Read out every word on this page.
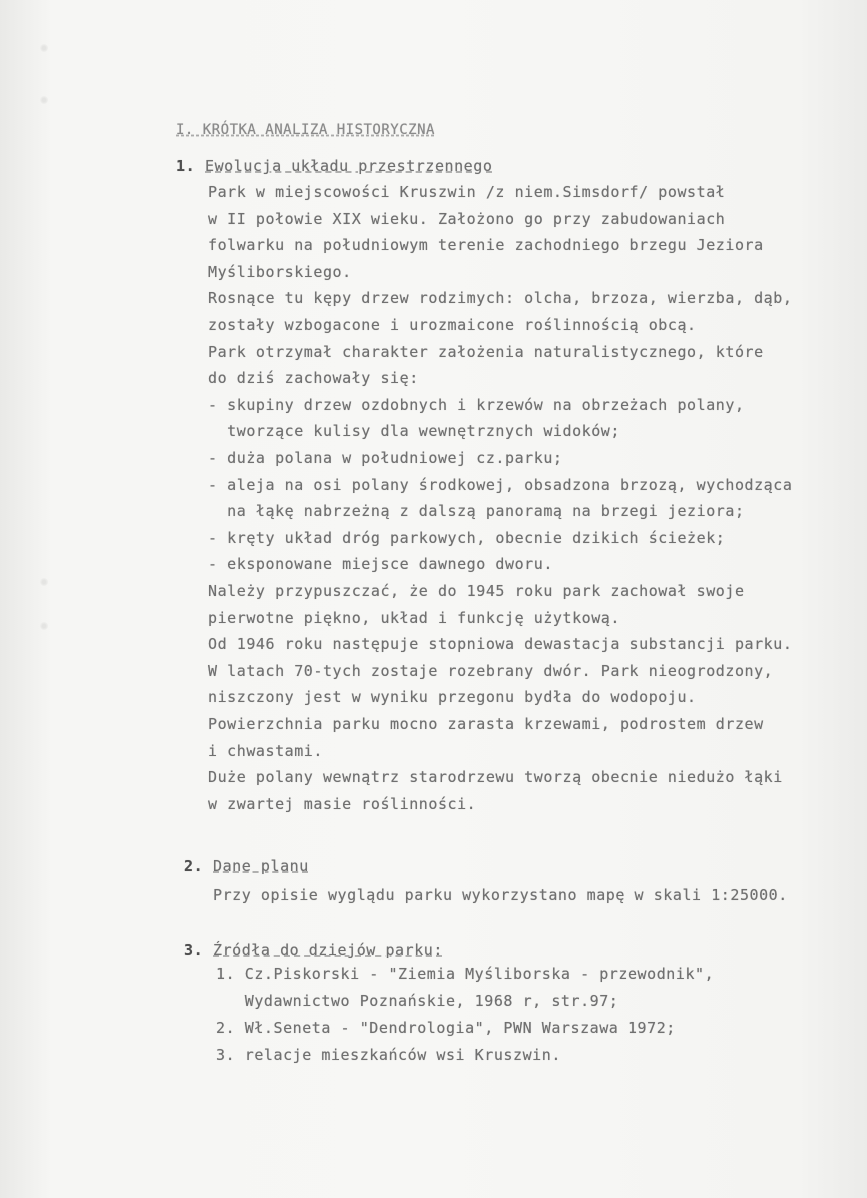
I. KRÓTKA ANALIZA HISTORYCZNA
1. Ewolucja układu przestrzennego
Park w miejscowości Kruszwin /z niem.Simsdorf/ powstał
w II połowie XIX wieku. Założono go przy zabudowaniach
folwarku na południowym terenie zachodniego brzegu Jeziora
Myśliborskiego.
Rosnące tu kępy drzew rodzimych: olcha, brzoza, wierzba, dąb,
zostały wzbogacone i urozmaicone roślinnością obcą.
Park otrzymał charakter założenia naturalistycznego, które
do dziś zachowały się:
- skupiny drzew ozdobnych i krzewów na obrzeżach polany,
tworzące kulisy dla wewnętrznych widoków;
- duża polana w południowej cz.parku;
- aleja na osi polany środkowej, obsadzona brzozą, wychodząca
na łąkę nabrzeżną z dalszą panoramą na brzegi jeziora;
- kręty układ dróg parkowych, obecnie dzikich ścieżek;
- eksponowane miejsce dawnego dworu.
Należy przypuszczać, że do 1945 roku park zachował swoje
pierwotne piękno, układ i funkcję użytkową.
Od 1946 roku następuje stopniowa dewastacja substancji parku.
W latach 70-tych zostaje rozebrany dwór. Park nieogrodzony,
niszczony jest w wyniku przegonu bydła do wodopoju.
Powierzchnia parku mocno zarasta krzewami, podrostem drzew
i chwastami.
Duże polany wewnątrz starodrzewu tworzą obecnie niedużo łąki
w zwartej masie roślinności.
2. Dane planu
Przy opisie wyglądu parku wykorzystano mapę w skali 1:25000.
3. Źródła do dziejów parku:
1. Cz.Piskorski - "Ziemia Myśliborska - przewodnik",
Wydawnictwo Poznańskie, 1968 r, str.97;
2. Wł.Seneta - "Dendrologia", PWN Warszawa 1972;
3. relacje mieszkańców wsi Kruszwin.
